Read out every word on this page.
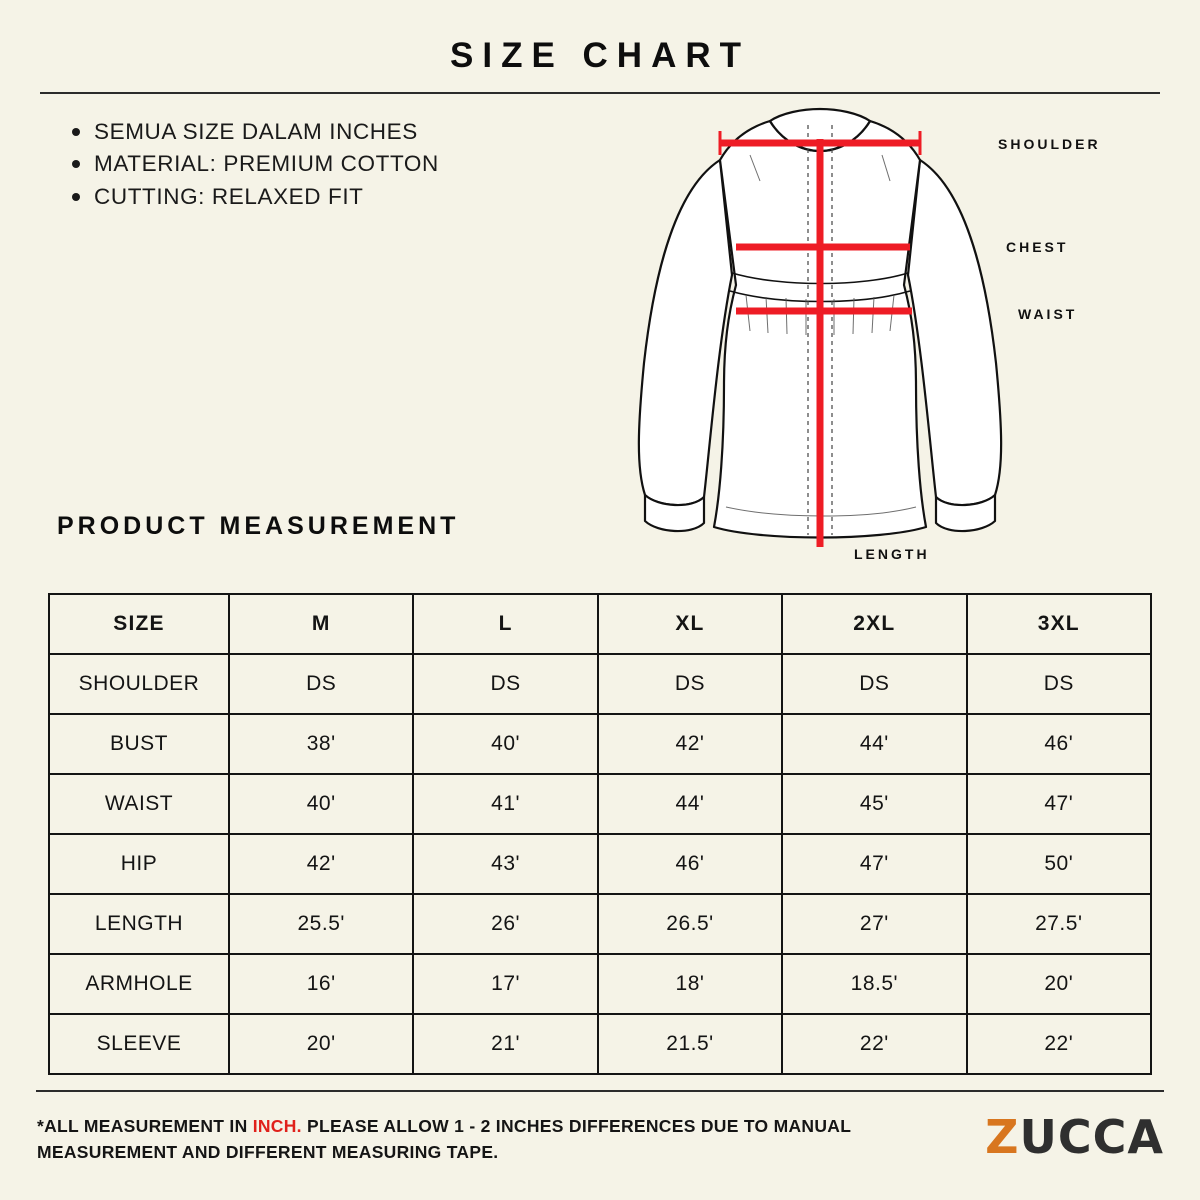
SIZE CHART
SEMUA SIZE DALAM INCHES
MATERIAL: PREMIUM COTTON
CUTTING: RELAXED FIT
SHOULDER
CHEST
WAIST
LENGTH
PRODUCT MEASUREMENT
SIZE	M	L	XL	2XL	3XL
SHOULDER	DS	DS	DS	DS	DS
BUST	38'	40'	42'	44'	46'
WAIST	40'	41'	44'	45'	47'
HIP	42'	43'	46'	47'	50'
LENGTH	25.5'	26'	26.5'	27'	27.5'
ARMHOLE	16'	17'	18'	18.5'	20'
SLEEVE	20'	21'	21.5'	22'	22'
*ALL MEASUREMENT IN INCH. PLEASE ALLOW 1 - 2 INCHES DIFFERENCES DUE TO MANUAL MEASUREMENT AND DIFFERENT MEASURING TAPE.	ZUCCA
